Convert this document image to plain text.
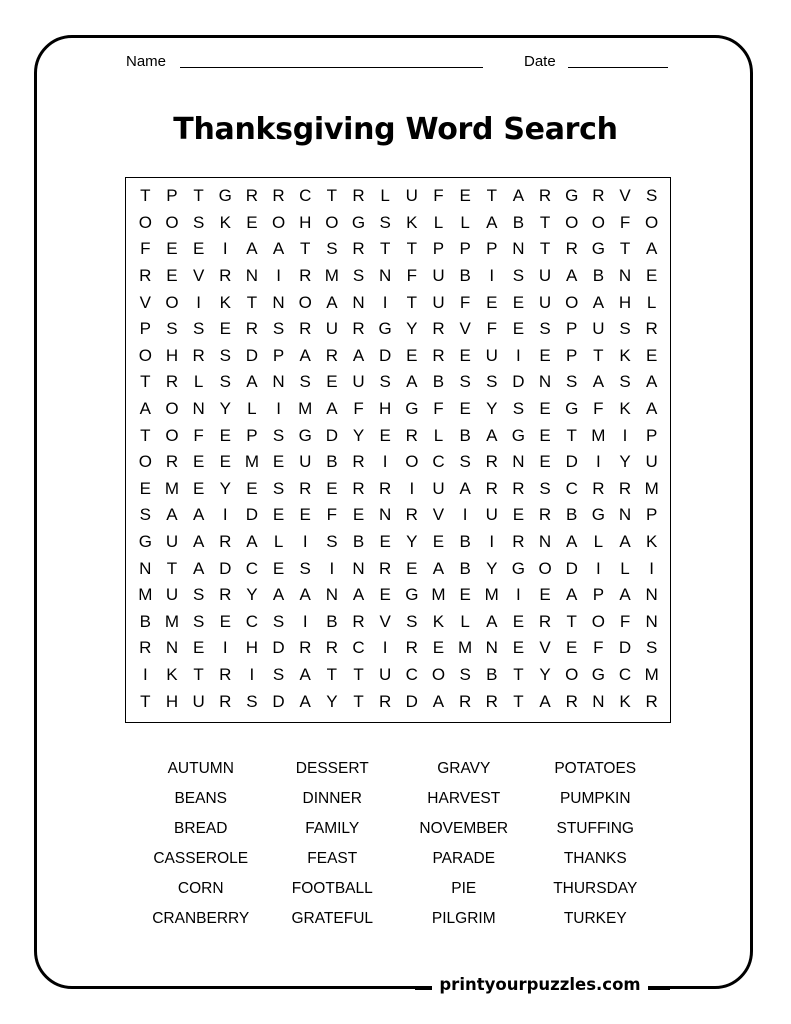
Name	Date
Thanksgiving Word Search
T P T G R R C T R L U F E T A R G R V S
O O S K E O H O G S K L	L A B T O O F O
F E E	I	A A T S R T T P P P N T R G T A
R E V R N	I	R M S N F U B	I	S U A B N E
V O	I	K T N O A N	I	T U F E E U O A H L
P S S E R S R U R G Y R V F E S P U S R
O H R S D P A R A D E R E U	I	E P T K E
T R L S A N S E U S A B S S D N S A S A
A O N Y L	I	M A F H G F E Y S E G F K A
T O F E P S G D Y E R L B A G E T M	I	P
O R E E M E U B R	I	O C S R N E D	I	Y U
E M E Y E S R E R R	I	U A R R S C R R M
S A A	I	D E E F E N R V	I	U E R B G N P
G U A R A L	I	S B E Y E B	I	R N A L A K
N T A D C E S	I	N R E A B Y G O D	I	L	I
M U S R Y A A N A E G M E M	I	E A P A N
B M S E C S	I	B R V S K L A E R T O F N
R N E	I	H D R R C	I	R E M N E V E F D S
I	K T R	I	S A T T U C O S B T Y O G C M
T H U R S D A Y T R D A R R T A R N K R
AUTUMN	DESSERT	GRAVY	POTATOES
BEANS	DINNER	HARVEST	PUMPKIN
BREAD	FAMILY	NOVEMBER	STUFFING
CASSEROLE	FEAST	PARADE	THANKS
CORN	FOOTBALL	PIE	THURSDAY
CRANBERRY	GRATEFUL	PILGRIM	TURKEY
printyourpuzzles.com
